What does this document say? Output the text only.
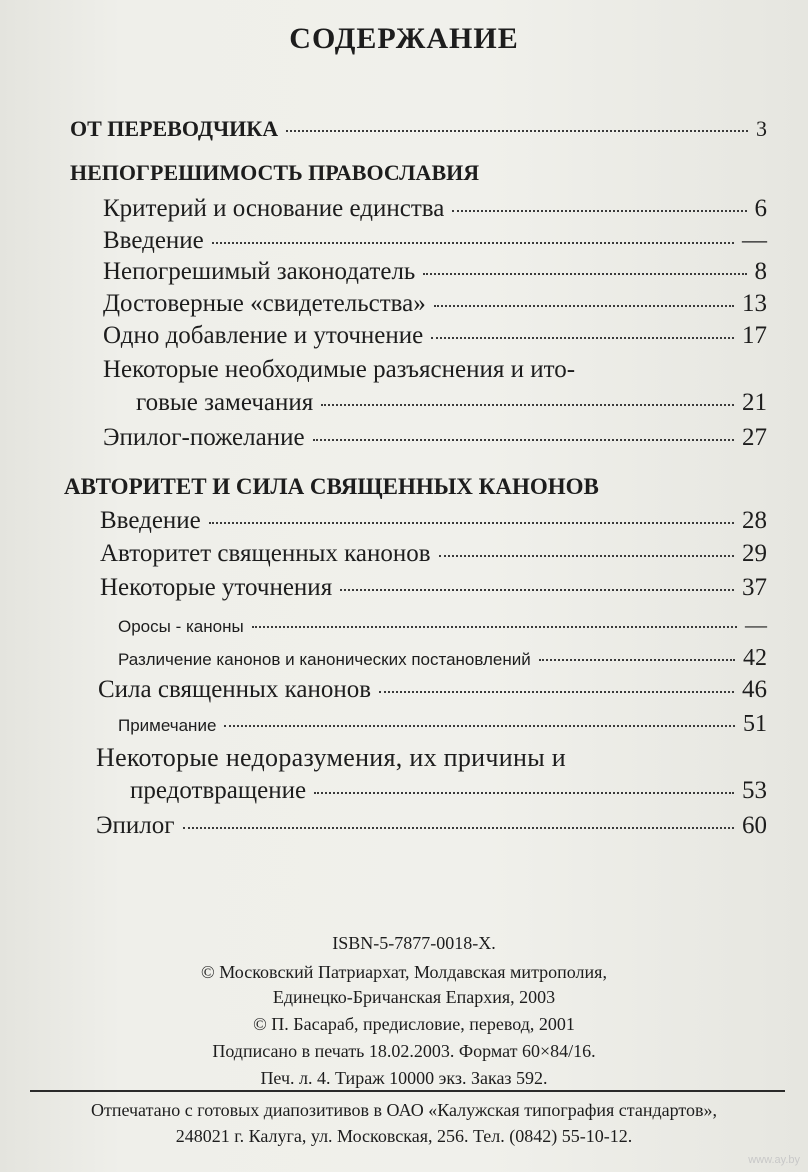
СОДЕРЖАНИЕ
ОТ ПЕРЕВОДЧИКА	3
НЕПОГРЕШИМОСТЬ ПРАВОСЛАВИЯ
Критерий и основание единства	6
Введение	—
Непогрешимый законодатель	8
Достоверные «свидетельства»	13
Одно добавление и уточнение	17
Некоторые необходимые разъяснения и ито-
говые замечания	21
Эпилог-пожелание	27
АВТОРИТЕТ И СИЛА СВЯЩЕННЫХ КАНОНОВ
Введение	28
Авторитет священных канонов	29
Некоторые уточнения	37
Оросы - каноны	—
Различение канонов и канонических постановлений	42
Сила священных канонов	46
Примечание	51
Некоторые недоразумения, их причины и
предотвращение	53
Эпилог	60
ISBN-5-7877-0018-X.
© Московский Патриархат, Молдавская митрополия,
Единецко-Бричанская Епархия, 2003
© П. Басараб, предисловие, перевод, 2001
Подписано в печать 18.02.2003. Формат 60×84/16.
Печ. л. 4. Тираж 10000 экз. Заказ 592.
Отпечатано с готовых диапозитивов в ОАО «Калужская типография стандартов»,
248021 г. Калуга, ул. Московская, 256. Тел. (0842) 55-10-12.
www.ay.by
